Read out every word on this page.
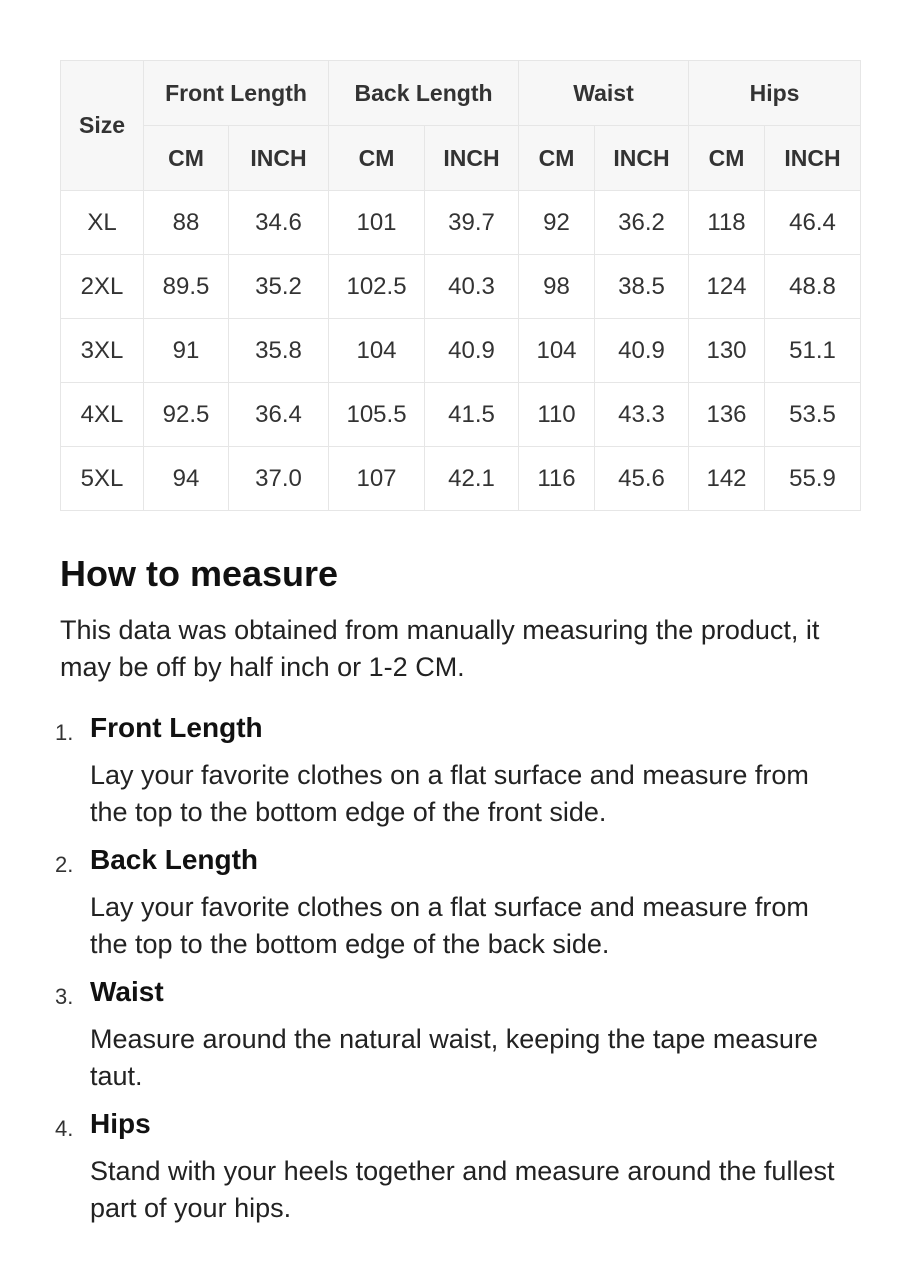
Size	Front Length		Back Length		Waist		Hips	
	CM	INCH	CM	INCH	CM	INCH	CM	INCH
XL	88	34.6	101	39.7	92	36.2	118	46.4
2XL	89.5	35.2	102.5	40.3	98	38.5	124	48.8
3XL	91	35.8	104	40.9	104	40.9	130	51.1
4XL	92.5	36.4	105.5	41.5	110	43.3	136	53.5
5XL	94	37.0	107	42.1	116	45.6	142	55.9
How to measure

This data was obtained from manually measuring the product, it may be off by half inch or 1-2 CM.

1. Front Length

Lay your favorite clothes on a flat surface and measure from the top to the bottom edge of the front side.

2. Back Length

Lay your favorite clothes on a flat surface and measure from the top to the bottom edge of the back side.

3. Waist

Measure around the natural waist, keeping the tape measure taut.

4. Hips

Stand with your heels together and measure around the fullest part of your hips.
